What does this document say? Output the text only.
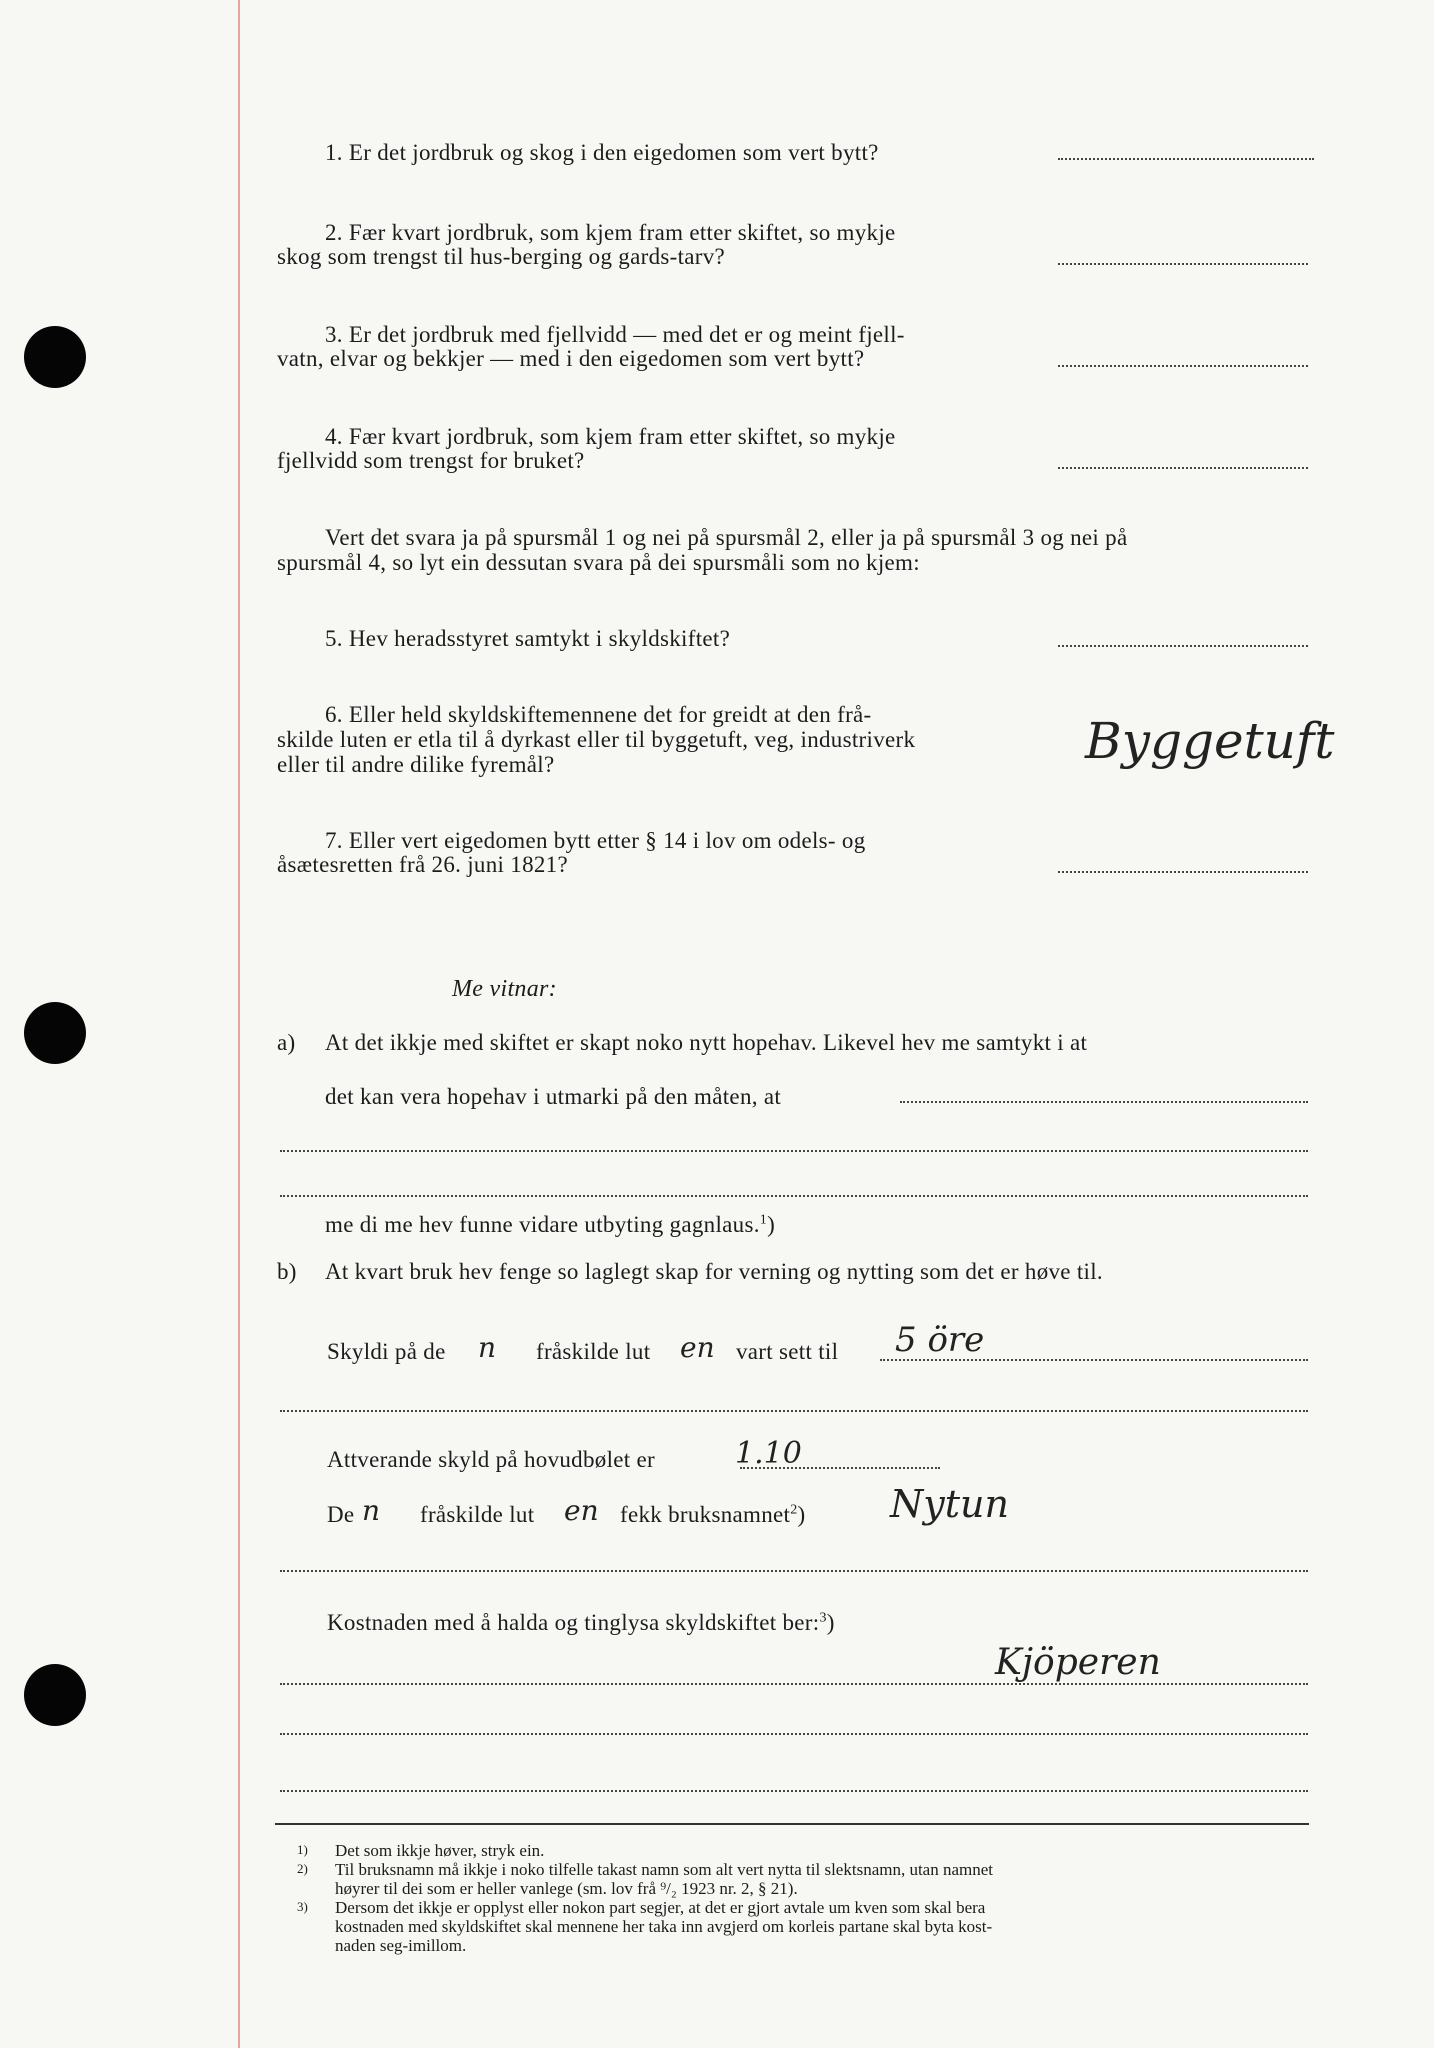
1. Er det jordbruk og skog i den eigedomen som vert bytt?
2. Fær kvart jordbruk, som kjem fram etter skiftet, so mykje
skog som trengst til hus‑berging og gards‑tarv?
3. Er det jordbruk med fjellvidd — med det er og meint fjell‑
vatn, elvar og bekkjer — med i den eigedomen som vert bytt?
4. Fær kvart jordbruk, som kjem fram etter skiftet, so mykje
fjellvidd som trengst for bruket?
Vert det svara ja på spursmål 1 og nei på spursmål 2, eller ja på spursmål 3 og nei på
spursmål 4, so lyt ein dessutan svara på dei spursmåli som no kjem:
5. Hev heradsstyret samtykt i skyldskiftet?
6. Eller held skyldskiftemennene det for greidt at den frå‑
skilde luten er etla til å dyrkast eller til byggetuft, veg, industriverk
eller til andre dilike fyremål?	Byggetuft
7. Eller vert eigedomen bytt etter § 14 i lov om odels‑ og
åsætesretten frå 26. juni 1821?
Me vitnar:
a) At det ikkje med skiftet er skapt noko nytt hopehav. Likevel hev me samtykt i at
det kan vera hopehav i utmarki på den måten, at
me di me hev funne vidare utbyting gagnlaus.$^1$)
b) At kvart bruk hev fenge so laglegt skap for verning og nytting som det er høve til.
Skyldi på de n fråskilde lut en vart sett til 5 öre
Attverande skyld på hovudbølet er	1.10
De n fråskilde lut en fekk bruksnamnet$^2$) Nytun
Kostnaden med å halda og tinglysa skyldskiftet ber:$^3$)
Kjöperen
1) Det som ikkje høver, stryk ein.
2) Til bruksnamn må ikkje i noko tilfelle takast namn som alt vert nytta til slektsnamn, utan namnet
høyrer til dei som er heller vanlege (sm. lov frå ⁹/₂ 1923 nr. 2, § 21).
3) Dersom det ikkje er opplyst eller nokon part segjer, at det er gjort avtale um kven som skal bera
kostnaden med skyldskiftet skal mennene her taka inn avgjerd om korleis partane skal byta kost‑
naden seg‑imillom.
